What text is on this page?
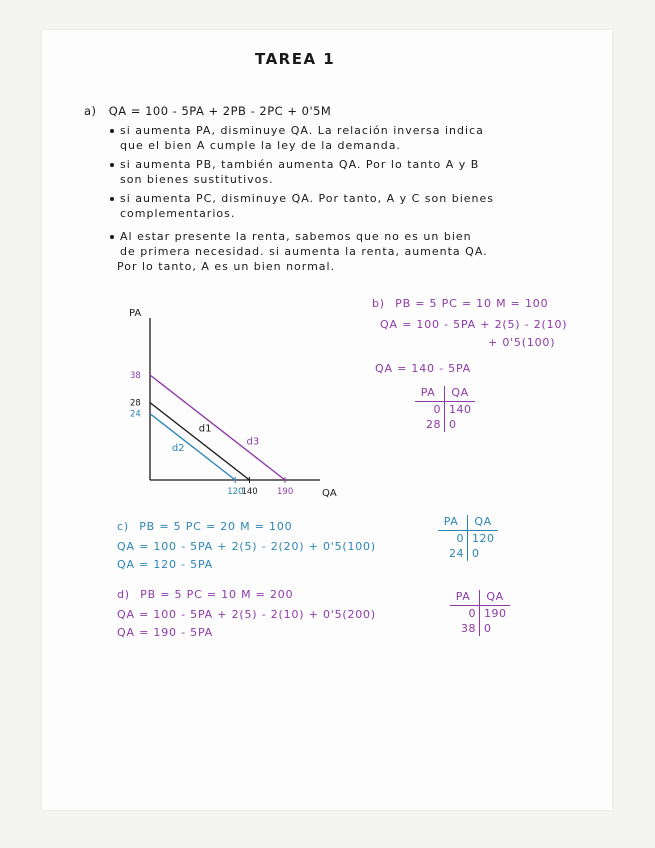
TAREA 1
a) QA = 100 - 5PA + 2PB - 2PC + 0'5M
si aumenta PA, disminuye QA. La relación inversa indica
que el bien A cumple la ley de la demanda.
si aumenta PB, también aumenta QA. Por lo tanto A y B
son bienes sustitutivos.
si aumenta PC, disminuye QA. Por tanto, A y C son bienes
complementarios.
Al estar presente la renta, sabemos que no es un bien
de primera necesidad. si aumenta la renta, aumenta QA.
Por lo tanto, A es un bien normal.
PA
QA
d1
28
140
d2
24
120
d3
38
190
b) PB = 5 PC = 10 M = 100
QA = 100 - 5PA + 2(5) - 2(10)
+ 0'5(100)
QA = 140 - 5PA
PA	QA
0 140
28 0
c) PB = 5 PC = 20 M = 100
QA = 100 - 5PA + 2(5) - 2(20) + 0'5(100)
QA = 120 - 5PA
PA	QA
0 120
24 0
d) PB = 5 PC = 10 M = 200
QA = 100 - 5PA + 2(5) - 2(10) + 0'5(200)
QA = 190 - 5PA
PA	QA
0 190
38 0
